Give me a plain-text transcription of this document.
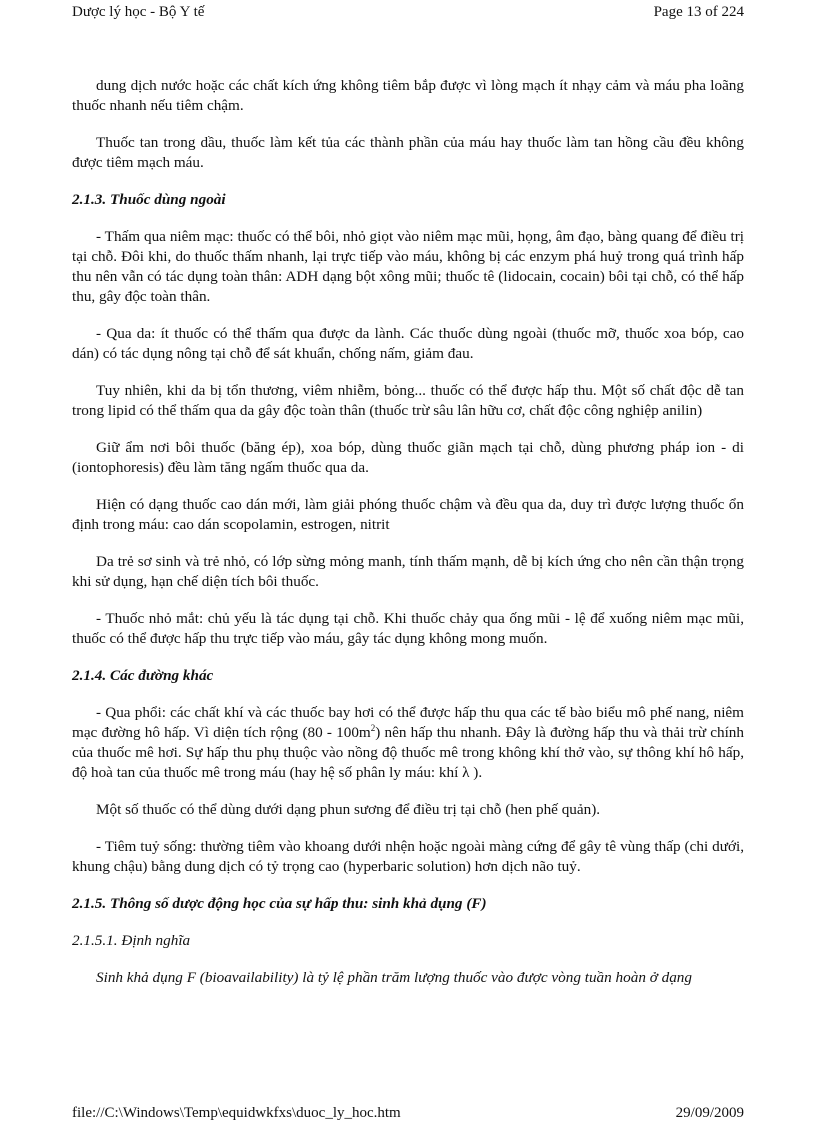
Dược lý học - Bộ Y tế	Page 13 of 224

dung dịch nước hoặc các chất kích ứng không tiêm bắp được vì lòng mạch ít nhạy cảm và máu pha loãng thuốc nhanh nếu tiêm chậm.

Thuốc tan trong dầu, thuốc làm kết tủa các thành phần của máu hay thuốc làm tan hồng cầu đều không được tiêm mạch máu.

2.1.3. Thuốc dùng ngoài

- Thấm qua niêm mạc: thuốc có thể bôi, nhỏ giọt vào niêm mạc mũi, họng, âm đạo, bàng quang để điều trị tại chỗ. Đôi khi, do thuốc thấm nhanh, lại trực tiếp vào máu, không bị các enzym phá huỷ trong quá trình hấp thu nên vẫn có tác dụng toàn thân: ADH dạng bột xông mũi; thuốc tê (lidocain, cocain) bôi tại chỗ, có thể hấp thu, gây độc toàn thân.

- Qua da: ít thuốc có thể thấm qua được da lành. Các thuốc dùng ngoài (thuốc mỡ, thuốc xoa bóp, cao dán) có tác dụng nông tại chỗ để sát khuẩn, chống nấm, giảm đau.

Tuy nhiên, khi da bị tổn thương, viêm nhiễm, bỏng... thuốc có thể được hấp thu. Một số chất độc dễ tan trong lipid có thể thấm qua da gây độc toàn thân (thuốc trừ sâu lân hữu cơ, chất độc công nghiệp anilin)

Giữ ẩm nơi bôi thuốc (băng ép), xoa bóp, dùng thuốc giãn mạch tại chỗ, dùng phương pháp ion - di (iontophoresis) đều làm tăng ngấm thuốc qua da.

Hiện có dạng thuốc cao dán mới, làm giải phóng thuốc chậm và đều qua da, duy trì được lượng thuốc ổn định trong máu: cao dán scopolamin, estrogen, nitrit

Da trẻ sơ sinh và trẻ nhỏ, có lớp sừng mỏng manh, tính thấm mạnh, dễ bị kích ứng cho nên cần thận trọng khi sử dụng, hạn chế diện tích bôi thuốc.

- Thuốc nhỏ mắt: chủ yếu là tác dụng tại chỗ. Khi thuốc chảy qua ống mũi - lệ để xuống niêm mạc mũi, thuốc có thể được hấp thu trực tiếp vào máu, gây tác dụng không mong muốn.

2.1.4. Các đường khác

- Qua phổi: các chất khí và các thuốc bay hơi có thể được hấp thu qua các tế bào biểu mô phế nang, niêm mạc đường hô hấp. Vì diện tích rộng $(80 - 100m^2)$ nên hấp thu nhanh. Đây là đường hấp thu và thải trừ chính của thuốc mê hơi. Sự hấp thu phụ thuộc vào nồng độ thuốc mê trong không khí thở vào, sự thông khí hô hấp, độ hoà tan của thuốc mê trong máu (hay hệ số phân ly máu: khí λ ).

Một số thuốc có thể dùng dưới dạng phun sương để điều trị tại chỗ (hen phế quản).

- Tiêm tuỷ sống: thường tiêm vào khoang dưới nhện hoặc ngoài màng cứng để gây tê vùng thấp (chi dưới, khung chậu) bằng dung dịch có tỷ trọng cao (hyperbaric solution) hơn dịch não tuỷ.

2.1.5. Thông số dược động học của sự hấp thu: sinh khả dụng (F)
2.1.5.1. Định nghĩa

Sinh khả dụng F (bioavailability) là tỷ lệ phần trăm lượng thuốc vào được vòng tuần hoàn ở dạng

file://C:\Windows\Temp\equidwkfxs\duoc_ly_hoc.htm	29/09/2009
